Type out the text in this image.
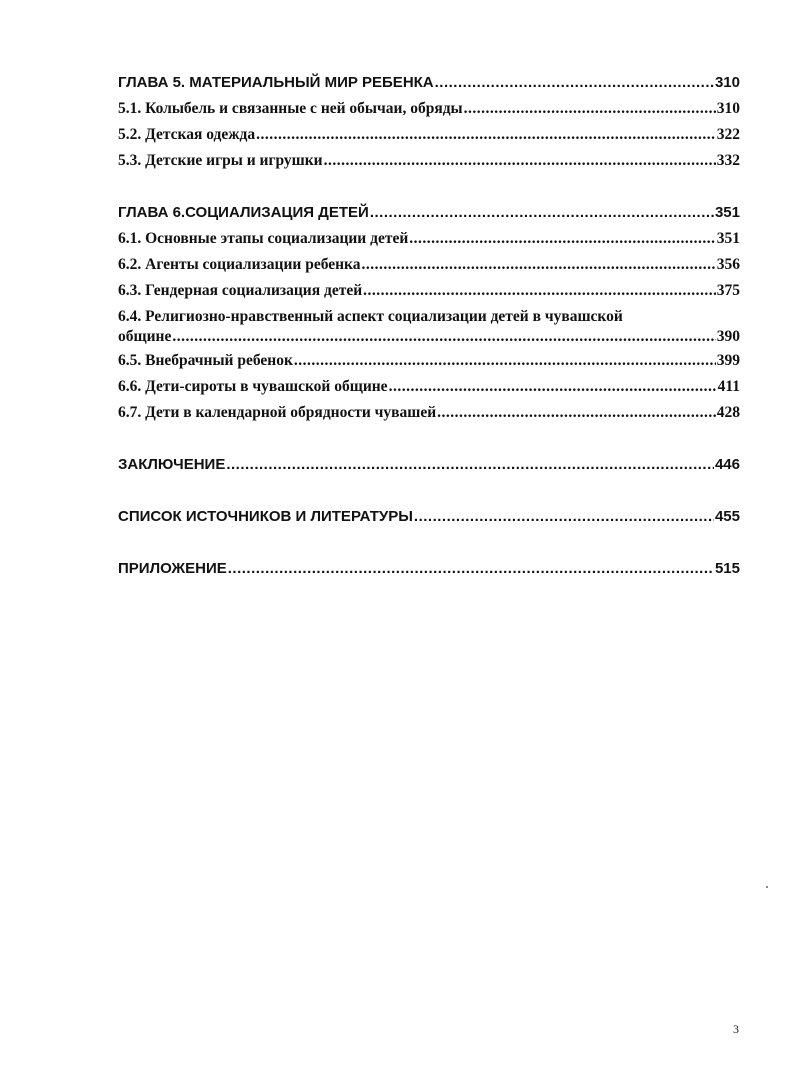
ГЛАВА 5. МАТЕРИАЛЬНЫЙ МИР РЕБЕНКА .....	310
5.1. Колыбель и связанные с ней обычаи, обряды .....	310
5.2. Детская одежда .....	322
5.3. Детские игры и игрушки .....	332
ГЛАВА 6.СОЦИАЛИЗАЦИЯ ДЕТЕЙ .....	351
6.1. Основные этапы социализации детей .....	351
6.2. Агенты социализации ребенка .....	356
6.3. Гендерная социализация детей .....	375
6.4. Религиозно-нравственный аспект социализации детей в чувашской
общине .....	390
6.5. Внебрачный ребенок .....	399
6.6. Дети-сироты в чувашской общине .....	411
6.7. Дети в календарной обрядности чувашей .....	428
ЗАКЛЮЧЕНИЕ .....	446
СПИСОК ИСТОЧНИКОВ И ЛИТЕРАТУРЫ .....	455
ПРИЛОЖЕНИЕ .....	515
3
